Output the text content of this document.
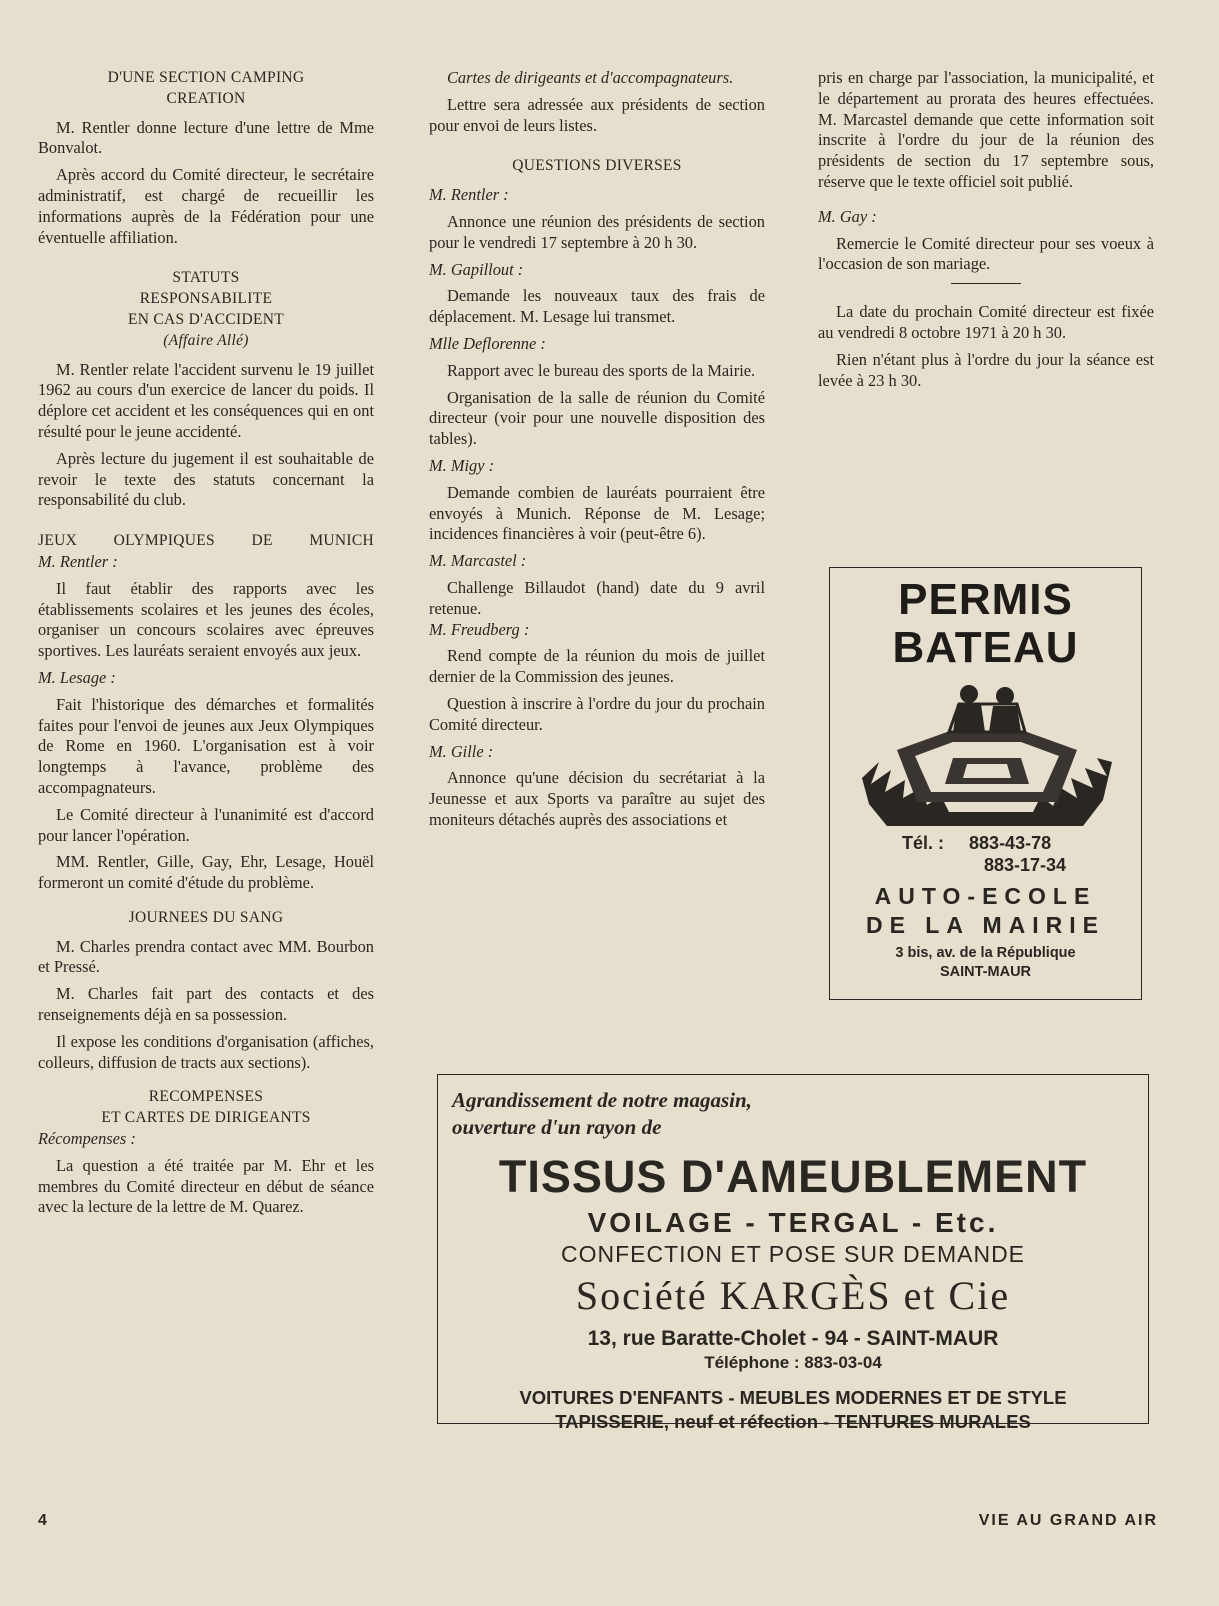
D'UNE SECTION CAMPING
CREATION

M. Rentler donne lecture d'une lettre de Mme Bonvalot.

Après accord du Comité directeur, le secrétaire administratif, est chargé de recueillir les informations auprès de la Fédération pour une éventuelle affiliation.

STATUTS
RESPONSABILITE
EN CAS D'ACCIDENT
(Affaire Allé)

M. Rentler relate l'accident survenu le 19 juillet 1962 au cours d'un exercice de lancer du poids. Il déplore cet accident et les conséquences qui en ont résulté pour le jeune accidenté.

Après lecture du jugement il est souhaitable de revoir le texte des statuts concernant la responsabilité du club.

JEUX OLYMPIQUES DE MUNICH

M. Rentler :

Il faut établir des rapports avec les établissements scolaires et les jeunes des écoles, organiser un concours scolaires avec épreuves sportives. Les lauréats seraient envoyés aux jeux.

M. Lesage :

Fait l'historique des démarches et formalités faites pour l'envoi de jeunes aux Jeux Olympiques de Rome en 1960. L'organisation est à voir longtemps à l'avance, problème des accompagnateurs.

Le Comité directeur à l'unanimité est d'accord pour lancer l'opération.

MM. Rentler, Gille, Gay, Ehr, Lesage, Houël formeront un comité d'étude du problème.

JOURNEES DU SANG

M. Charles prendra contact avec MM. Bourbon et Pressé.

M. Charles fait part des contacts et des renseignements déjà en sa possession.

Il expose les conditions d'organisation (affiches, colleurs, diffusion de tracts aux sections).

RECOMPENSES
ET CARTES DE DIRIGEANTS

Récompenses :

La question a été traitée par M. Ehr et les membres du Comité directeur en début de séance avec la lecture de la lettre de M. Quarez.

Cartes de dirigeants et d'accompagnateurs.

Lettre sera adressée aux présidents de section pour envoi de leurs listes.

QUESTIONS DIVERSES

M. Rentler :

Annonce une réunion des présidents de section pour le vendredi 17 septembre à 20 h 30.

M. Gapillout :

Demande les nouveaux taux des frais de déplacement. M. Lesage lui transmet.

Mlle Deflorenne :

Rapport avec le bureau des sports de la Mairie.

Organisation de la salle de réunion du Comité directeur (voir pour une nouvelle disposition des tables).

M. Migy :

Demande combien de lauréats pourraient être envoyés à Munich. Réponse de M. Lesage; incidences financières à voir (peut-être 6).

M. Marcastel :

Challenge Billaudot (hand) date du 9 avril retenue.

M. Freudberg :

Rend compte de la réunion du mois de juillet dernier de la Commission des jeunes.

Question à inscrire à l'ordre du jour du prochain Comité directeur.

M. Gille :

Annonce qu'une décision du secrétariat à la Jeunesse et aux Sports va paraître au sujet des moniteurs détachés auprès des associations et

pris en charge par l'association, la municipalité, et le département au prorata des heures effectuées. M. Marcastel demande que cette information soit inscrite à l'ordre du jour de la réunion des présidents de section du 17 septembre sous, réserve que le texte officiel soit publié.

M. Gay :

Remercie le Comité directeur pour ses voeux à l'occasion de son mariage.

La date du prochain Comité directeur est fixée au vendredi 8 octobre 1971 à 20 h 30.

Rien n'étant plus à l'ordre du jour la séance est levée à 23 h 30.

PERMIS
BATEAU
Tél. : 883-43-78
883-17-34
AUTO-ECOLE
DE LA MAIRIE
3 bis, av. de la République
SAINT-MAUR
Agrandissement de notre magasin,
ouverture d'un rayon de
TISSUS D'AMEUBLEMENT
VOILAGE - TERGAL - Etc.
CONFECTION ET POSE SUR DEMANDE
Société KARGÈS et Cie
13, rue Baratte-Cholet - 94 - SAINT-MAUR
Téléphone : 883-03-04
VOITURES D'ENFANTS - MEUBLES MODERNES ET DE STYLE
TAPISSERIE, neuf et réfection - TENTURES MURALES
4	VIE AU GRAND AIR
